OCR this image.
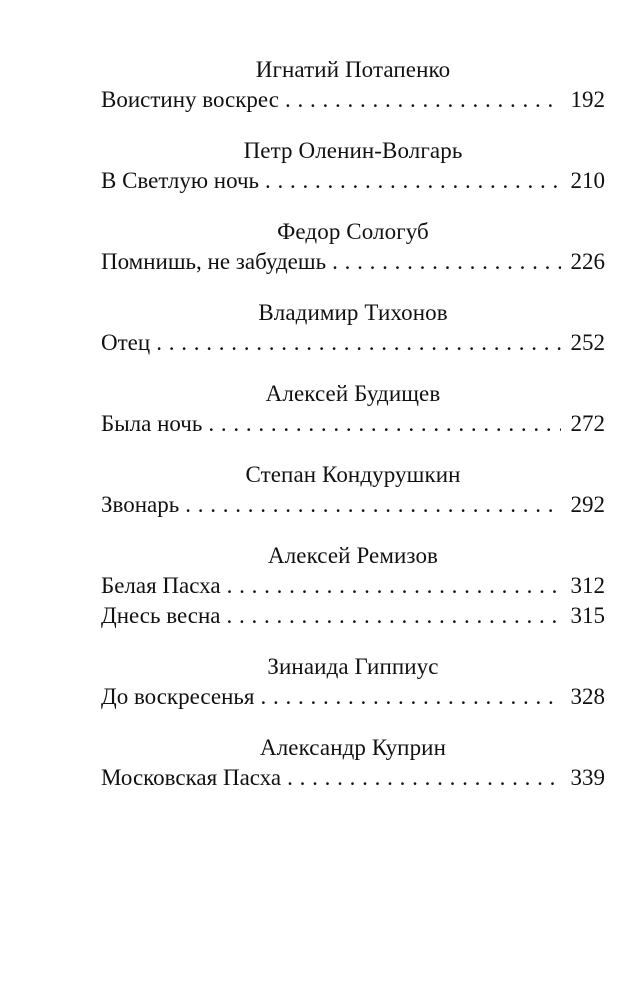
Игнатий Потапенко
Воистину воскрес . . .	192
Петр Оленин-Волгарь
В Светлую ночь . . .	210
Федор Сологуб
Помнишь, не забудешь . . .	226
Владимир Тихонов
Отец . . .	252
Алексей Будищев
Была ночь . . .	272
Степан Кондурушкин
Звонарь . . .	292
Алексей Ремизов
Белая Пасха . . .	312
Днесь весна . . .	315
Зинаида Гиппиус
До воскресенья . . .	328
Александр Куприн
Московская Пасха . . .	339
